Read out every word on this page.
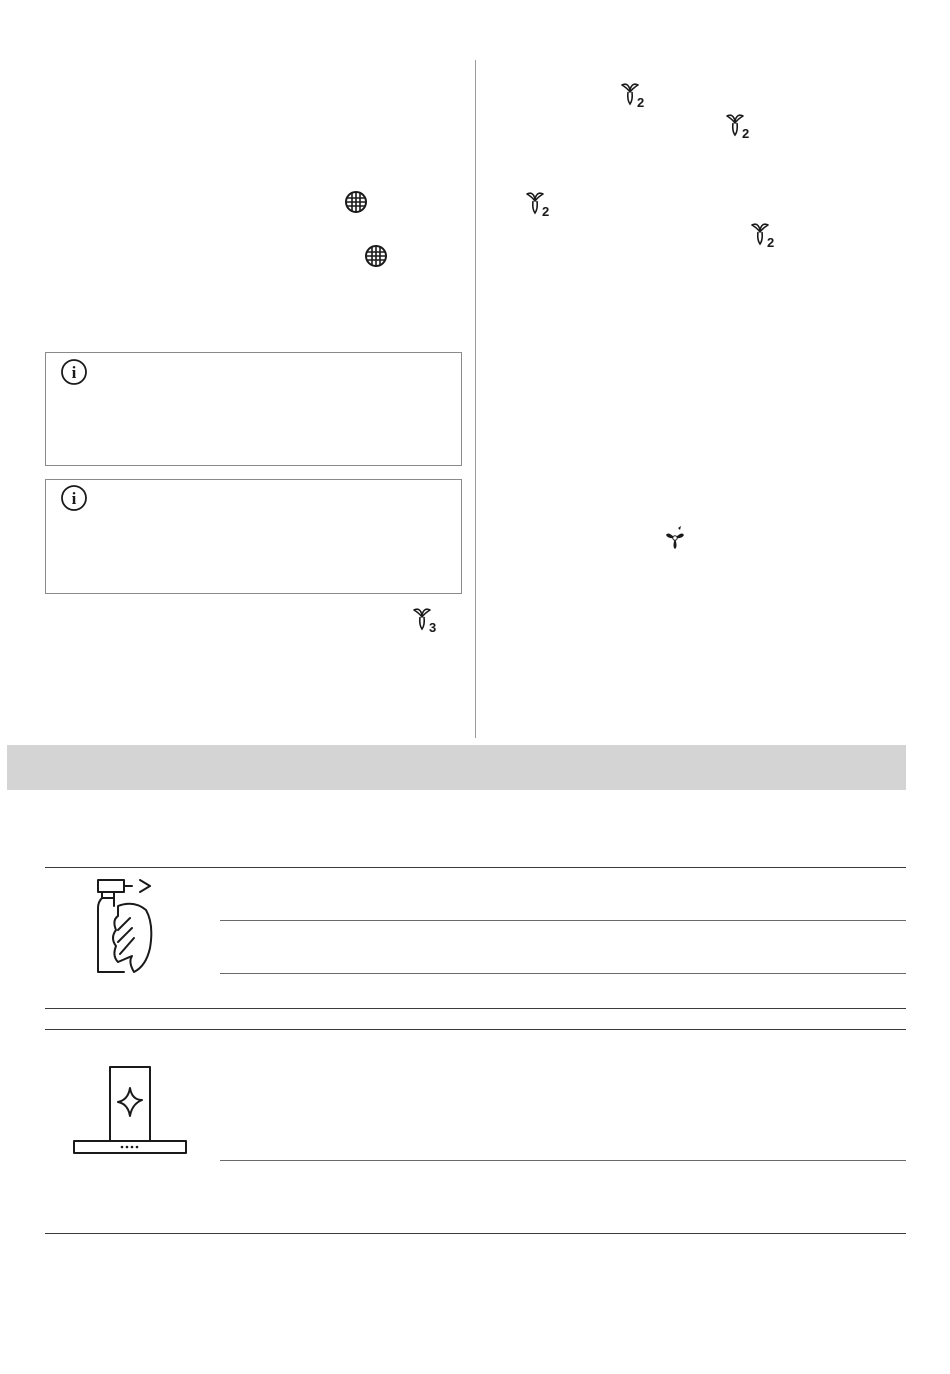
i
i
3
2
2
2
2
